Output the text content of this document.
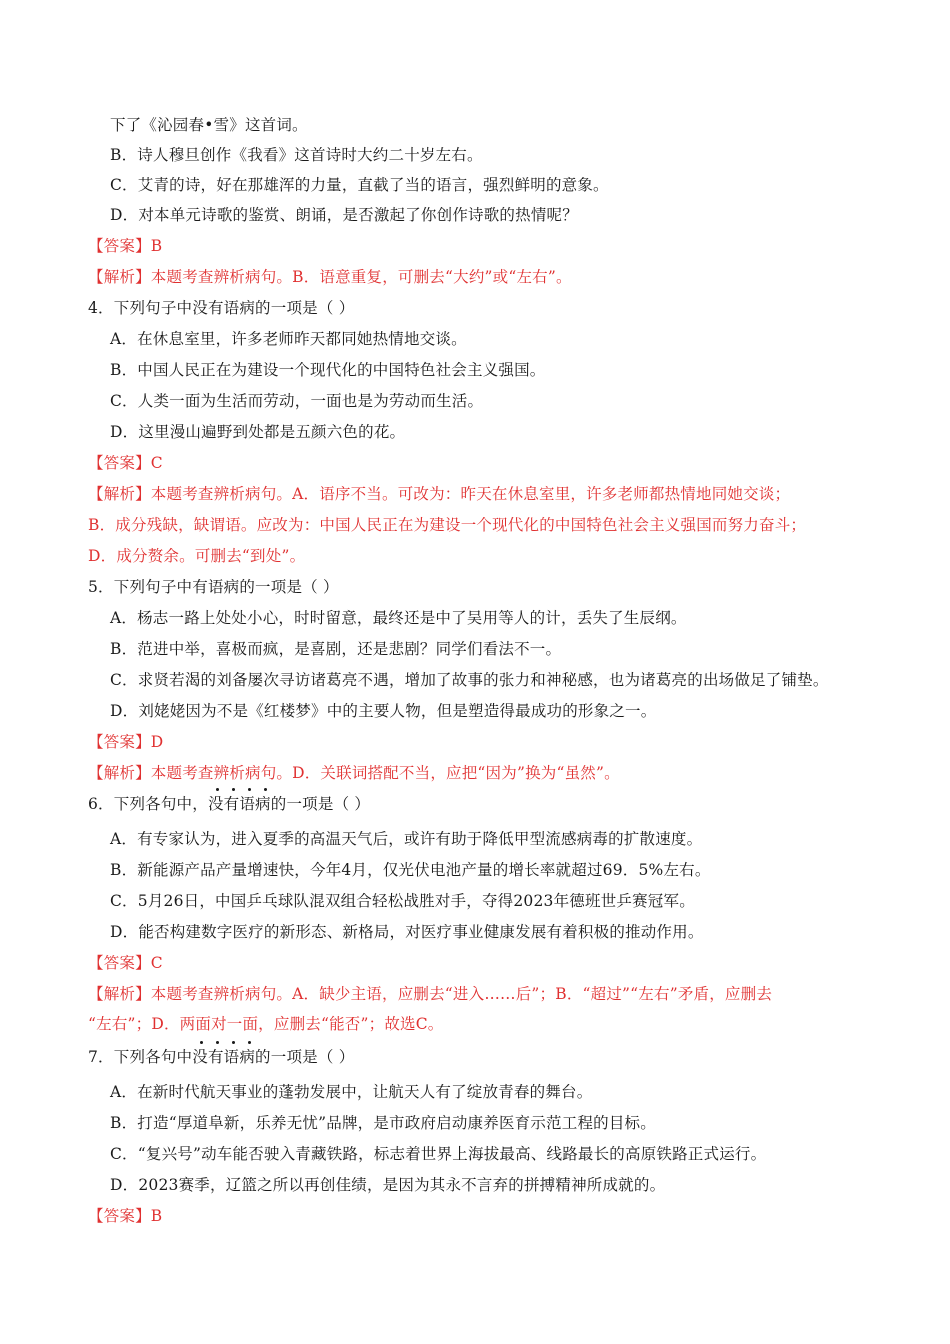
下了《沁园春•雪》这首词。
B．诗人穆旦创作《我看》这首诗时大约二十岁左右。
C．艾青的诗，好在那雄浑的力量，直截了当的语言，强烈鲜明的意象。
D．对本单元诗歌的鉴赏、朗诵，是否激起了你创作诗歌的热情呢？
【答案】B
【解析】本题考查辨析病句。B．语意重复，可删去“大约”或“左右”。
4．下列句子中没有语病的一项是（ ）
A．在休息室里，许多老师昨天都同她热情地交谈。
B．中国人民正在为建设一个现代化的中国特色社会主义强国。
C．人类一面为生活而劳动，一面也是为劳动而生活。
D．这里漫山遍野到处都是五颜六色的花。
【答案】C
【解析】本题考查辨析病句。A．语序不当。可改为：昨天在休息室里，许多老师都热情地同她交谈；
B．成分残缺，缺谓语。应改为：中国人民正在为建设一个现代化的中国特色社会主义强国而努力奋斗；
D．成分赘余。可删去“到处”。
5．下列句子中有语病的一项是（ ）
A．杨志一路上处处小心，时时留意，最终还是中了吴用等人的计，丢失了生辰纲。
B．范进中举，喜极而疯，是喜剧，还是悲剧？同学们看法不一。
C．求贤若渴的刘备屡次寻访诸葛亮不遇，增加了故事的张力和神秘感，也为诸葛亮的出场做足了铺垫。
D．刘姥姥因为不是《红楼梦》中的主要人物，但是塑造得最成功的形象之一。
【答案】D
【解析】本题考查辨析病句。D．关联词搭配不当，应把“因为”换为“虽然”。
6．下列各句中，没有语病的一项是（ ）
A．有专家认为，进入夏季的高温天气后，或许有助于降低甲型流感病毒的扩散速度。
B．新能源产品产量增速快，今年4月，仅光伏电池产量的增长率就超过69．5%左右。
C．5月26日，中国乒乓球队混双组合轻松战胜对手，夺得2023年德班世乒赛冠军。
D．能否构建数字医疗的新形态、新格局，对医疗事业健康发展有着积极的推动作用。
【答案】C
【解析】本题考查辨析病句。A．缺少主语，应删去“进入……后”；B．“超过”“左右”矛盾，应删去
“左右”；D．两面对一面，应删去“能否”；故选C。
7．下列各句中没有语病的一项是（ ）
A．在新时代航天事业的蓬勃发展中，让航天人有了绽放青春的舞台。
B．打造“厚道阜新，乐养无忧”品牌，是市政府启动康养医育示范工程的目标。
C．“复兴号”动车能否驶入青藏铁路，标志着世界上海拔最高、线路最长的高原铁路正式运行。
D．2023赛季，辽篮之所以再创佳绩，是因为其永不言弃的拼搏精神所成就的。
【答案】B
